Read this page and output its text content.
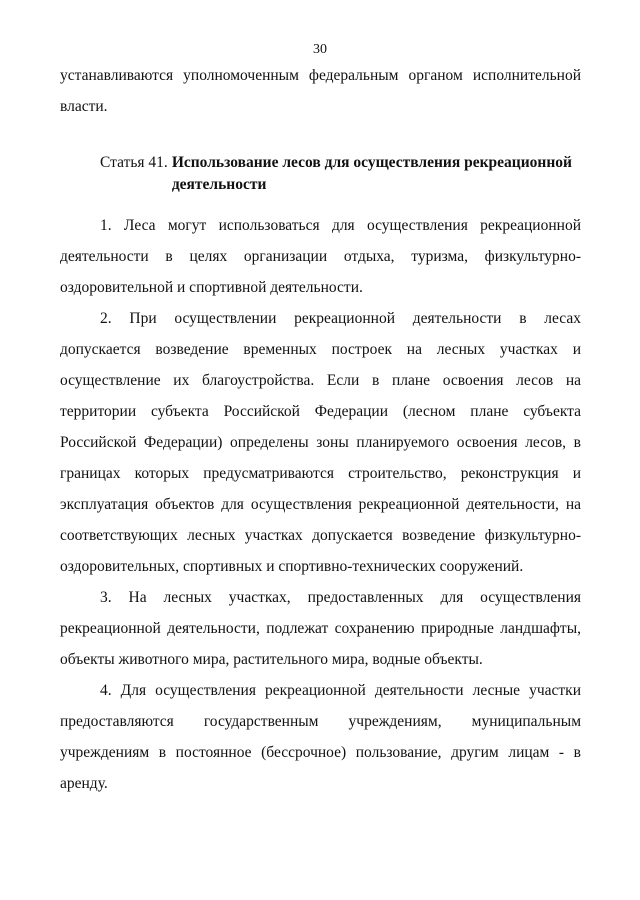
30

устанавливаются уполномоченным федеральным органом исполнительной власти.

Статья 41. Использование лесов для осуществления рекреационной деятельности

1. Леса могут использоваться для осуществления рекреационной деятельности в целях организации отдыха, туризма, физкультурно-оздоровительной и спортивной деятельности.

2. При осуществлении рекреационной деятельности в лесах допускается возведение временных построек на лесных участках и осуществление их благоустройства. Если в плане освоения лесов на территории субъекта Российской Федерации (лесном плане субъекта Российской Федерации) определены зоны планируемого освоения лесов, в границах которых предусматриваются строительство, реконструкция и эксплуатация объектов для осуществления рекреационной деятельности, на соответствующих лесных участках допускается возведение физкультурно-оздоровительных, спортивных и спортивно-технических сооружений.

3. На лесных участках, предоставленных для осуществления рекреационной деятельности, подлежат сохранению природные ландшафты, объекты животного мира, растительного мира, водные объекты.

4. Для осуществления рекреационной деятельности лесные участки предоставляются государственным учреждениям, муниципальным учреждениям в постоянное (бессрочное) пользование, другим лицам - в аренду.
